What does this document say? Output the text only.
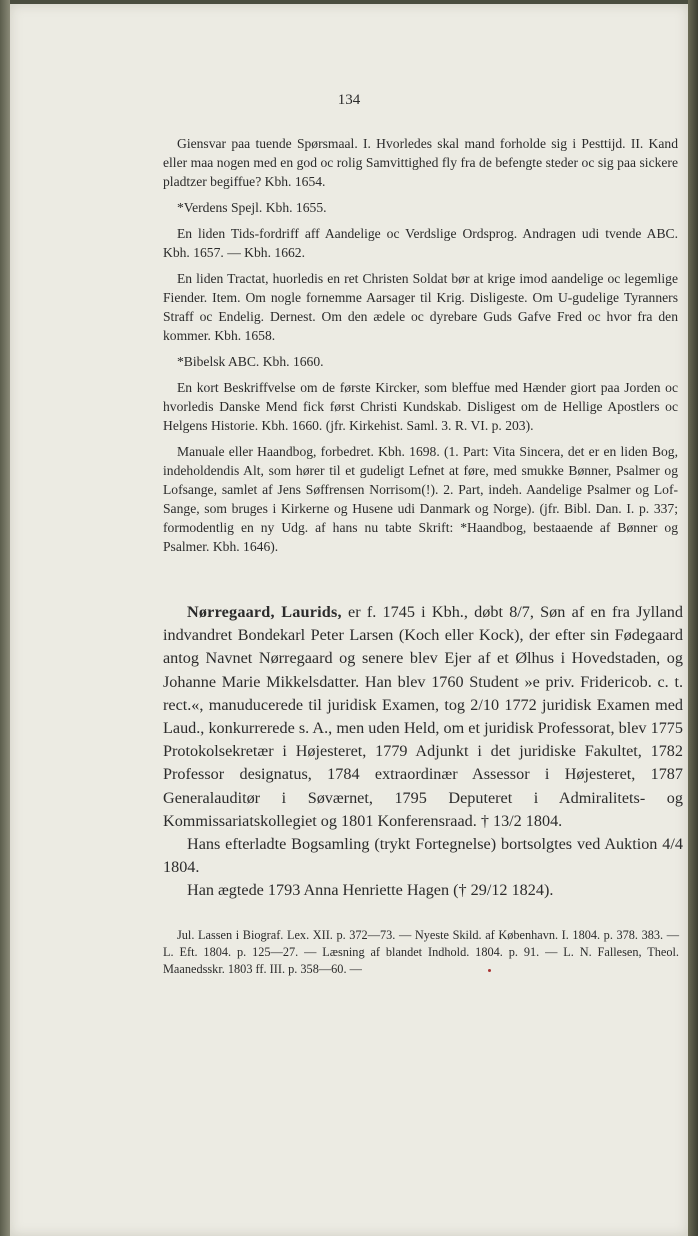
134

Giensvar paa tuende Spørsmaal. I. Hvorledes skal mand forholde sig i Pesttijd. II. Kand eller maa nogen med en god oc rolig Samvittighed fly fra de befengte steder oc sig paa sickere pladtzer begiffue? Kbh. 1654.

*Verdens Spejl. Kbh. 1655.

En liden Tids-fordriff aff Aandelige oc Verdslige Ordsprog. Andragen udi tvende ABC. Kbh. 1657. — Kbh. 1662.

En liden Tractat, huorledis en ret Christen Soldat bør at krige imod aandelige oc legemlige Fiender. Item. Om nogle fornemme Aarsager til Krig. Disligeste. Om U-gudelige Tyranners Straff oc Endelig. Dernest. Om den ædele oc dyrebare Guds Gafve Fred oc hvor fra den kommer. Kbh. 1658.

*Bibelsk ABC. Kbh. 1660.

En kort Beskriffvelse om de første Kircker, som bleffue med Hænder giort paa Jorden oc hvorledis Danske Mend fick først Christi Kundskab. Disligest om de Hellige Apostlers oc Helgens Historie. Kbh. 1660. (jfr. Kirkehist. Saml. 3. R. VI. p. 203).

Manuale eller Haandbog, forbedret. Kbh. 1698. (1. Part: Vita Sincera, det er en liden Bog, indeholdendis Alt, som hører til et gudeligt Lefnet at føre, med smukke Bønner, Psalmer og Lofsange, samlet af Jens Søffrensen Norrisom(!). 2. Part, indeh. Aandelige Psalmer og Lof-Sange, som bruges i Kirkerne og Husene udi Danmark og Norge). (jfr. Bibl. Dan. I. p. 337; formodentlig en ny Udg. af hans nu tabte Skrift: *Haandbog, bestaaende af Bønner og Psalmer. Kbh. 1646).

Nørregaard, Laurids, er f. 1745 i Kbh., døbt 8/7, Søn af en fra Jylland indvandret Bondekarl Peter Larsen (Koch eller Kock), der efter sin Fødegaard antog Navnet Nørregaard og senere blev Ejer af et Ølhus i Hovedstaden, og Johanne Marie Mikkelsdatter. Han blev 1760 Student »e priv. Fridericob. c. t. rect.«, manuducerede til juridisk Examen, tog 2/10 1772 juridisk Examen med Laud., konkurrerede s. A., men uden Held, om et juridisk Professorat, blev 1775 Protokolsekretær i Højesteret, 1779 Adjunkt i det juridiske Fakultet, 1782 Professor designatus, 1784 extraordinær Assessor i Højesteret, 1787 Generalauditør i Søværnet, 1795 Deputeret i Admiralitets- og Kommissariatskollegiet og 1801 Konferensraad. † 13/2 1804.

Hans efterladte Bogsamling (trykt Fortegnelse) bortsolgtes ved Auktion 4/4 1804.

Han ægtede 1793 Anna Henriette Hagen († 29/12 1824).

Jul. Lassen i Biograf. Lex. XII. p. 372—73. — Nyeste Skild. af København. I. 1804. p. 378. 383. — L. Eft. 1804. p. 125—27. — Læsning af blandet Indhold. 1804. p. 91. — L. N. Fallesen, Theol. Maanedsskr. 1803 ff. III. p. 358—60. —
